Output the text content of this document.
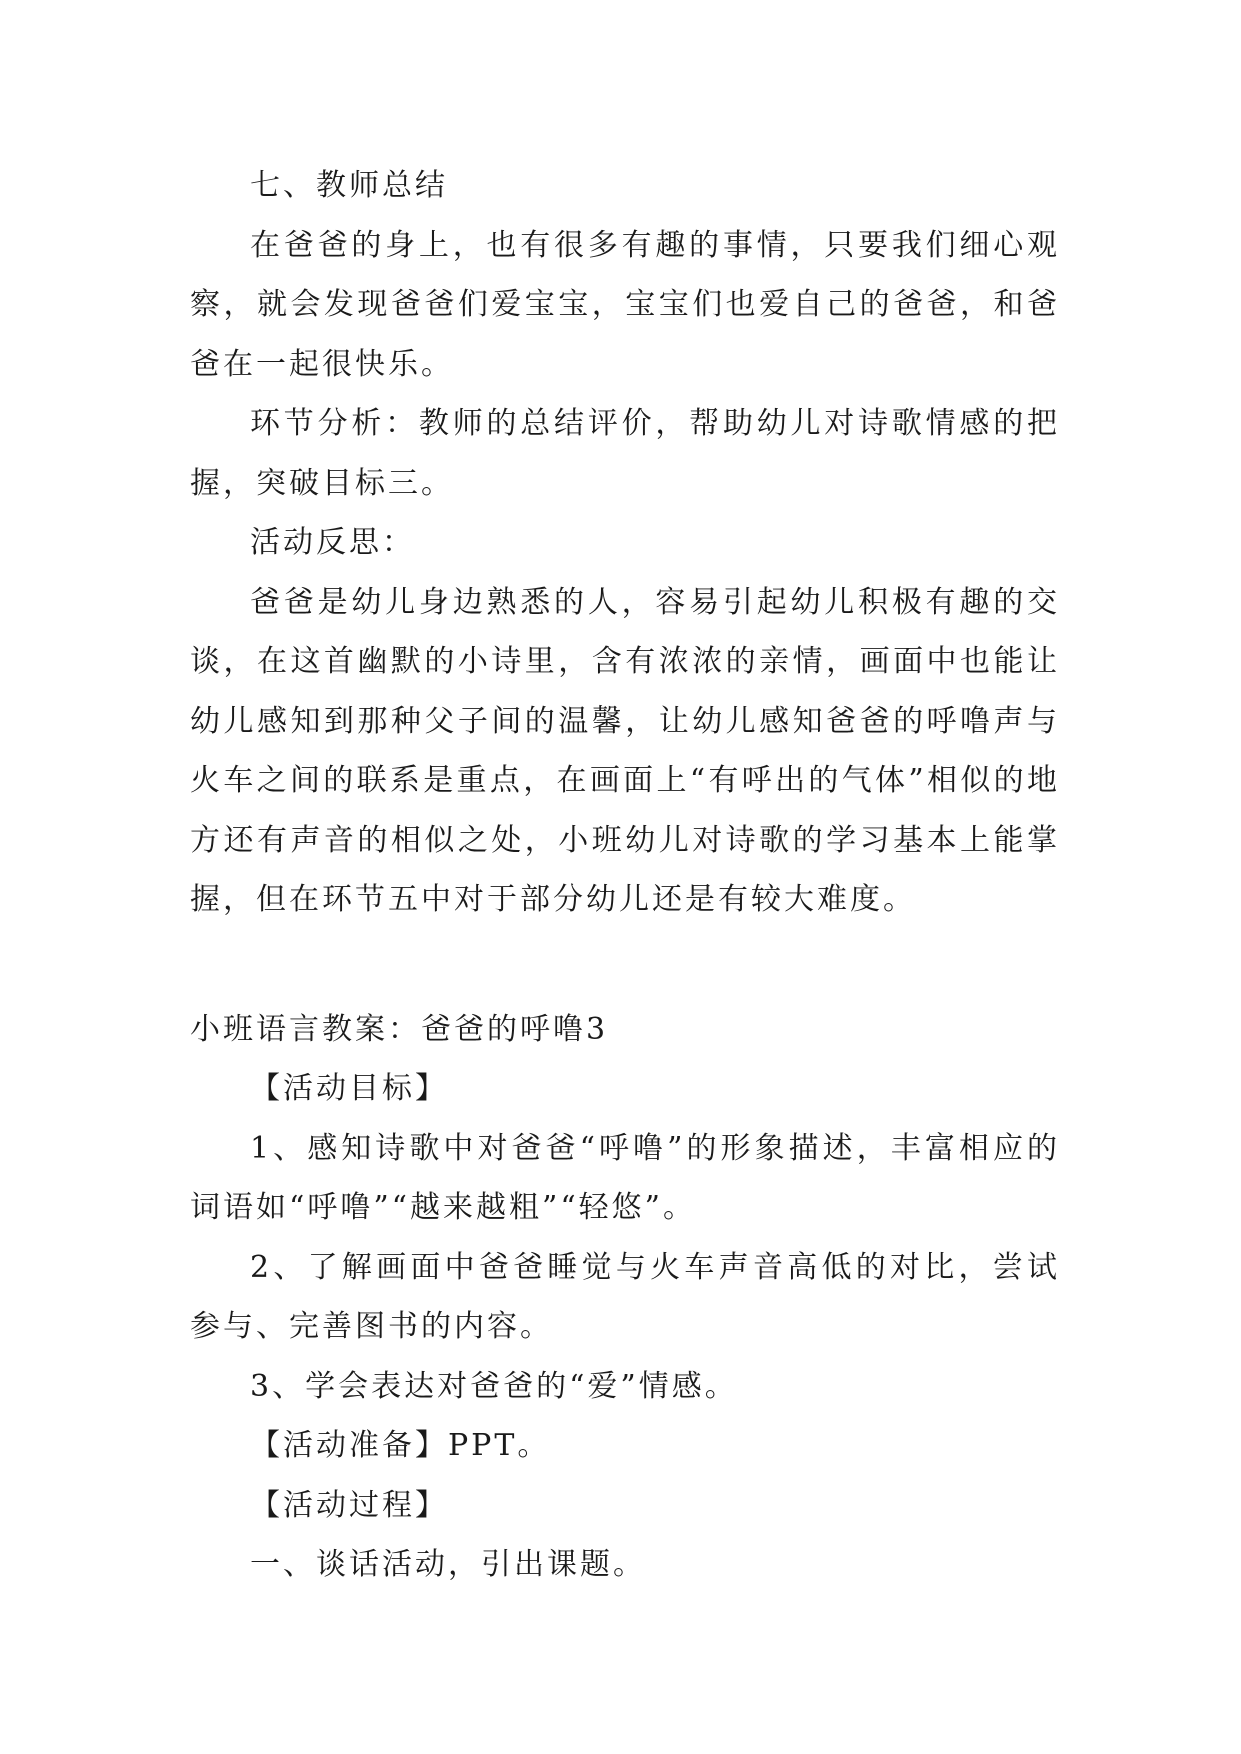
七、教师总结

在爸爸的身上，也有很多有趣的事情，只要我们细心观察，就会发现爸爸们爱宝宝，宝宝们也爱自己的爸爸，和爸爸在一起很快乐。

环节分析：教师的总结评价，帮助幼儿对诗歌情感的把握，突破目标三。

活动反思：

爸爸是幼儿身边熟悉的人，容易引起幼儿积极有趣的交谈，在这首幽默的小诗里，含有浓浓的亲情，画面中也能让幼儿感知到那种父子间的温馨，让幼儿感知爸爸的呼噜声与火车之间的联系是重点，在画面上“有呼出的气体”相似的地方还有声音的相似之处，小班幼儿对诗歌的学习基本上能掌握，但在环节五中对于部分幼儿还是有较大难度。

小班语言教案：爸爸的呼噜3

【活动目标】

1、感知诗歌中对爸爸“呼噜”的形象描述，丰富相应的词语如“呼噜”“越来越粗”“轻悠”。

2、了解画面中爸爸睡觉与火车声音高低的对比，尝试参与、完善图书的内容。

3、学会表达对爸爸的“爱”情感。

【活动准备】PPT。

【活动过程】

一、谈话活动，引出课题。
